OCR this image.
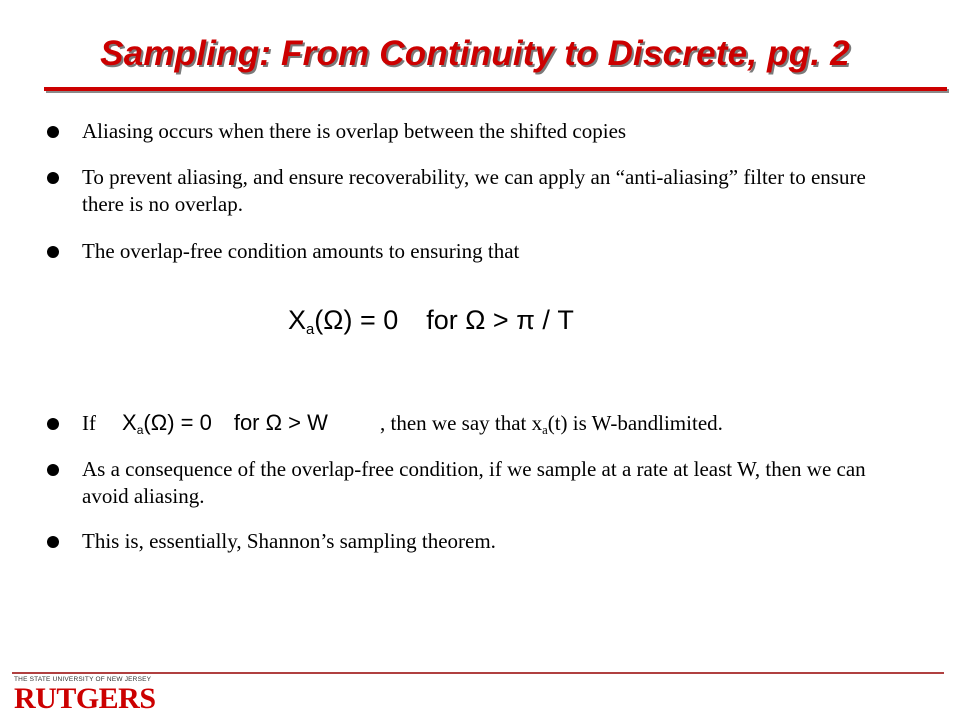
Sampling: From Continuity to Discrete, pg. 2
Aliasing occurs when there is overlap between the shifted copies
To prevent aliasing, and ensure recoverability, we can apply an “anti-aliasing” filter to ensure there is no overlap.
The overlap-free condition amounts to ensuring that
$X_a(\Omega) = 0$ for Ω > π / T
If $X_a(\Omega) = 0$ for Ω > W , then we say that $x_a(t)$ is W-bandlimited.
As a consequence of the overlap-free condition, if we sample at a rate at least W, then we can avoid aliasing.
This is, essentially, Shannon’s sampling theorem.
THE STATE UNIVERSITY OF NEW JERSEY
RUTGERS
